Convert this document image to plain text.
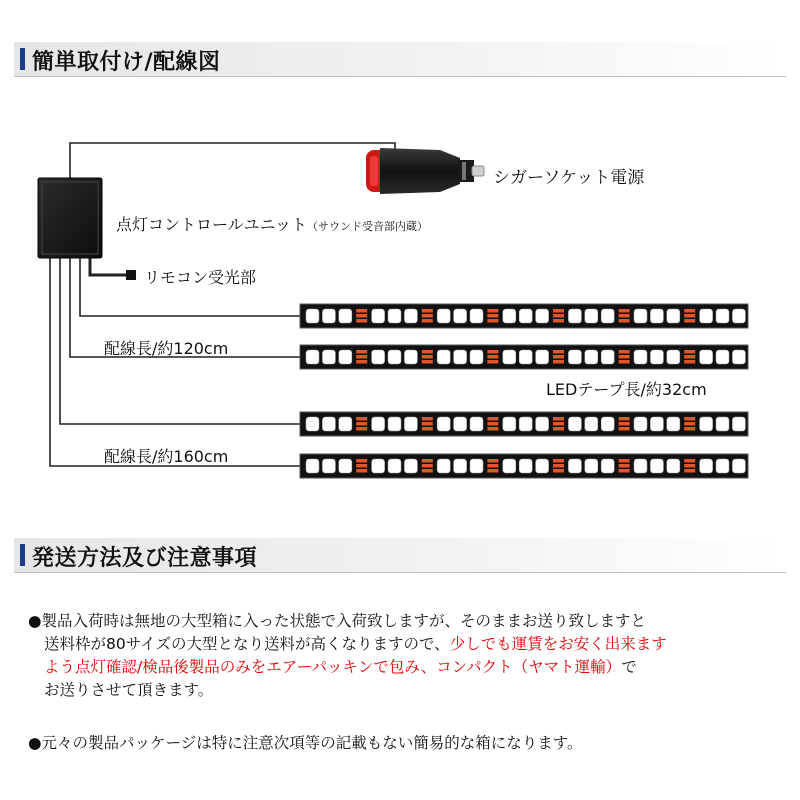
簡単取付け/配線図
シガーソケット電源
点灯コントロールユニット（サウンド受音部内蔵）
リモコン受光部
配線長/約120cm
LEDテープ長/約32cm
配線長/約160cm
発送方法及び注意事項
●製品入荷時は無地の大型箱に入った状態で入荷致しますが、そのままお送り致しますと
送料枠が80サイズの大型となり送料が高くなりますので、少しでも運賃をお安く出来ます
よう点灯確認/検品後製品のみをエアーパッキンで包み、コンパクト（ヤマト運輸）で
お送りさせて頂きます。
●元々の製品パッケージは特に注意次項等の記載もない簡易的な箱になります。
